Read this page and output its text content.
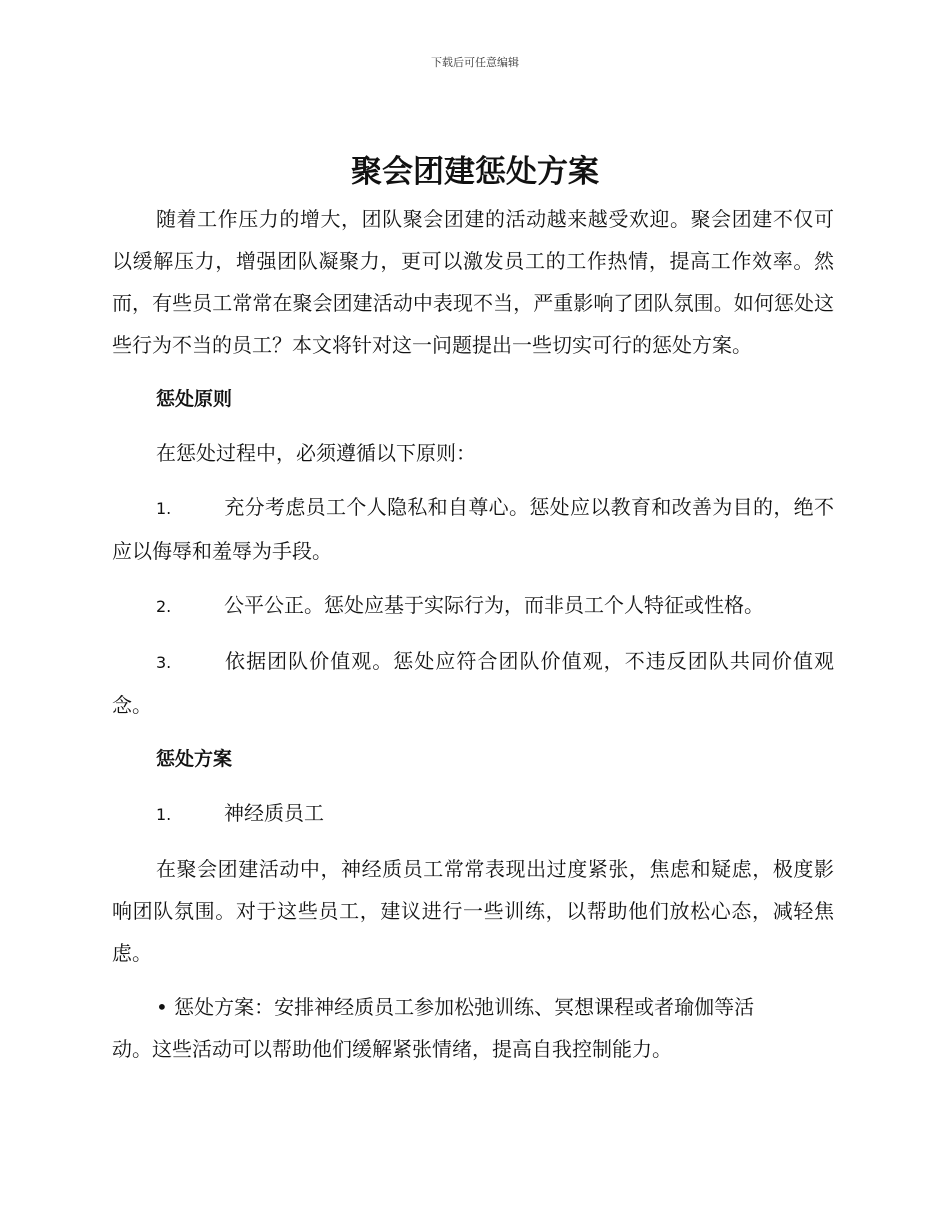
下载后可任意编辑
聚会团建惩处方案

随着工作压力的增大，团队聚会团建的活动越来越受欢迎。聚会团建不仅可以缓解压力，增强团队凝聚力，更可以激发员工的工作热情，提高工作效率。然而，有些员工常常在聚会团建活动中表现不当，严重影响了团队氛围。如何惩处这些行为不当的员工？本文将针对这一问题提出一些切实可行的惩处方案。

惩处原则

在惩处过程中，必须遵循以下原则：

1.	充分考虑员工个人隐私和自尊心。惩处应以教育和改善为目的，绝不应以侮辱和羞辱为手段。

2.	公平公正。惩处应基于实际行为，而非员工个人特征或性格。

3.	依据团队价值观。惩处应符合团队价值观，不违反团队共同价值观念。

惩处方案

1.	神经质员工

在聚会团建活动中，神经质员工常常表现出过度紧张，焦虑和疑虑，极度影响团队氛围。对于这些员工，建议进行一些训练，以帮助他们放松心态，减轻焦虑。

• 惩处方案：安排神经质员工参加松弛训练、冥想课程或者瑜伽等活
动。这些活动可以帮助他们缓解紧张情绪，提高自我控制能力。
